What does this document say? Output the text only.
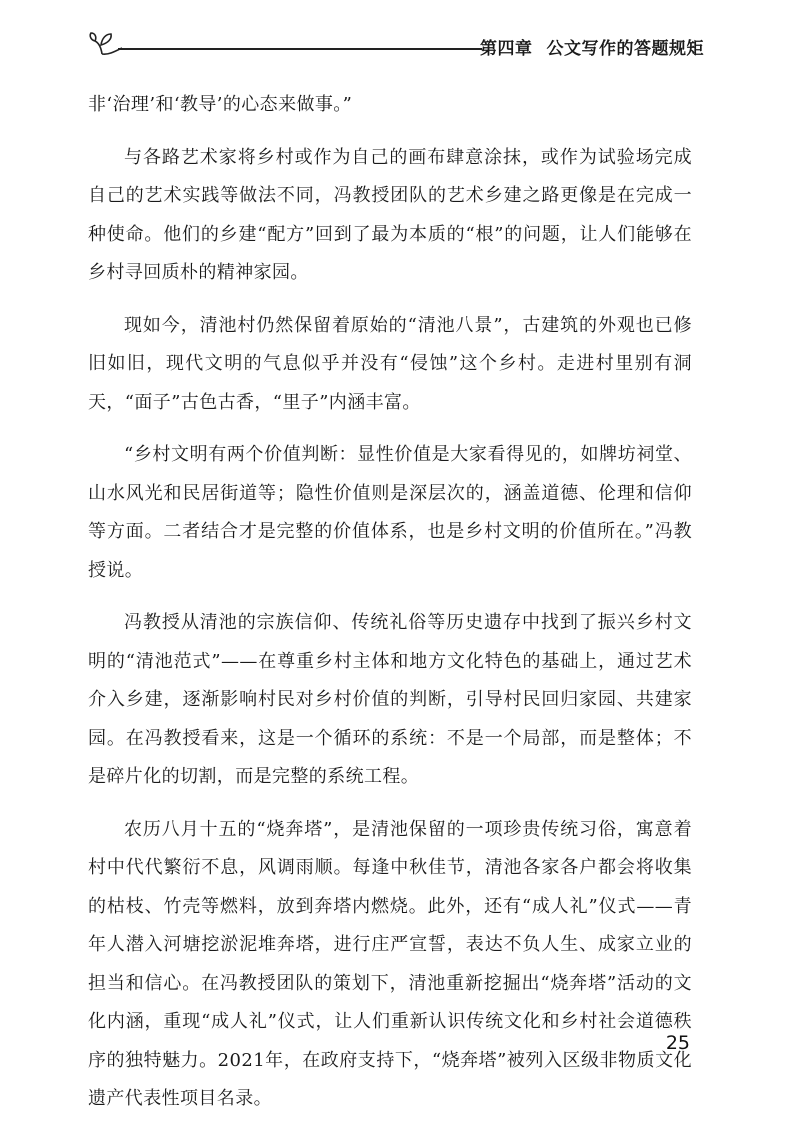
第四章 公文写作的答题规矩

非‘治理’和‘教导’的心态来做事。”

与各路艺术家将乡村或作为自己的画布肆意涂抹，或作为试验场完成自己的艺术实践等做法不同，冯教授团队的艺术乡建之路更像是在完成一种使命。他们的乡建“配方”回到了最为本质的“根”的问题，让人们能够在乡村寻回质朴的精神家园。

现如今，清池村仍然保留着原始的“清池八景”，古建筑的外观也已修旧如旧，现代文明的气息似乎并没有“侵蚀”这个乡村。走进村里别有洞天，“面子”古色古香，“里子”内涵丰富。

“乡村文明有两个价值判断：显性价值是大家看得见的，如牌坊祠堂、山水风光和民居街道等；隐性价值则是深层次的，涵盖道德、伦理和信仰等方面。二者结合才是完整的价值体系，也是乡村文明的价值所在。”冯教授说。

冯教授从清池的宗族信仰、传统礼俗等历史遗存中找到了振兴乡村文明的“清池范式”——在尊重乡村主体和地方文化特色的基础上，通过艺术介入乡建，逐渐影响村民对乡村价值的判断，引导村民回归家园、共建家园。在冯教授看来，这是一个循环的系统：不是一个局部，而是整体；不是碎片化的切割，而是完整的系统工程。

农历八月十五的“烧奔塔”，是清池保留的一项珍贵传统习俗，寓意着村中代代繁衍不息，风调雨顺。每逢中秋佳节，清池各家各户都会将收集的枯枝、竹壳等燃料，放到奔塔内燃烧。此外，还有“成人礼”仪式——青年人潜入河塘挖淤泥堆奔塔，进行庄严宣誓，表达不负人生、成家立业的担当和信心。在冯教授团队的策划下，清池重新挖掘出“烧奔塔”活动的文化内涵，重现“成人礼”仪式，让人们重新认识传统文化和乡村社会道德秩序的独特魅力。2021年，在政府支持下，“烧奔塔”被列入区级非物质文化遗产代表性项目名录。

25
